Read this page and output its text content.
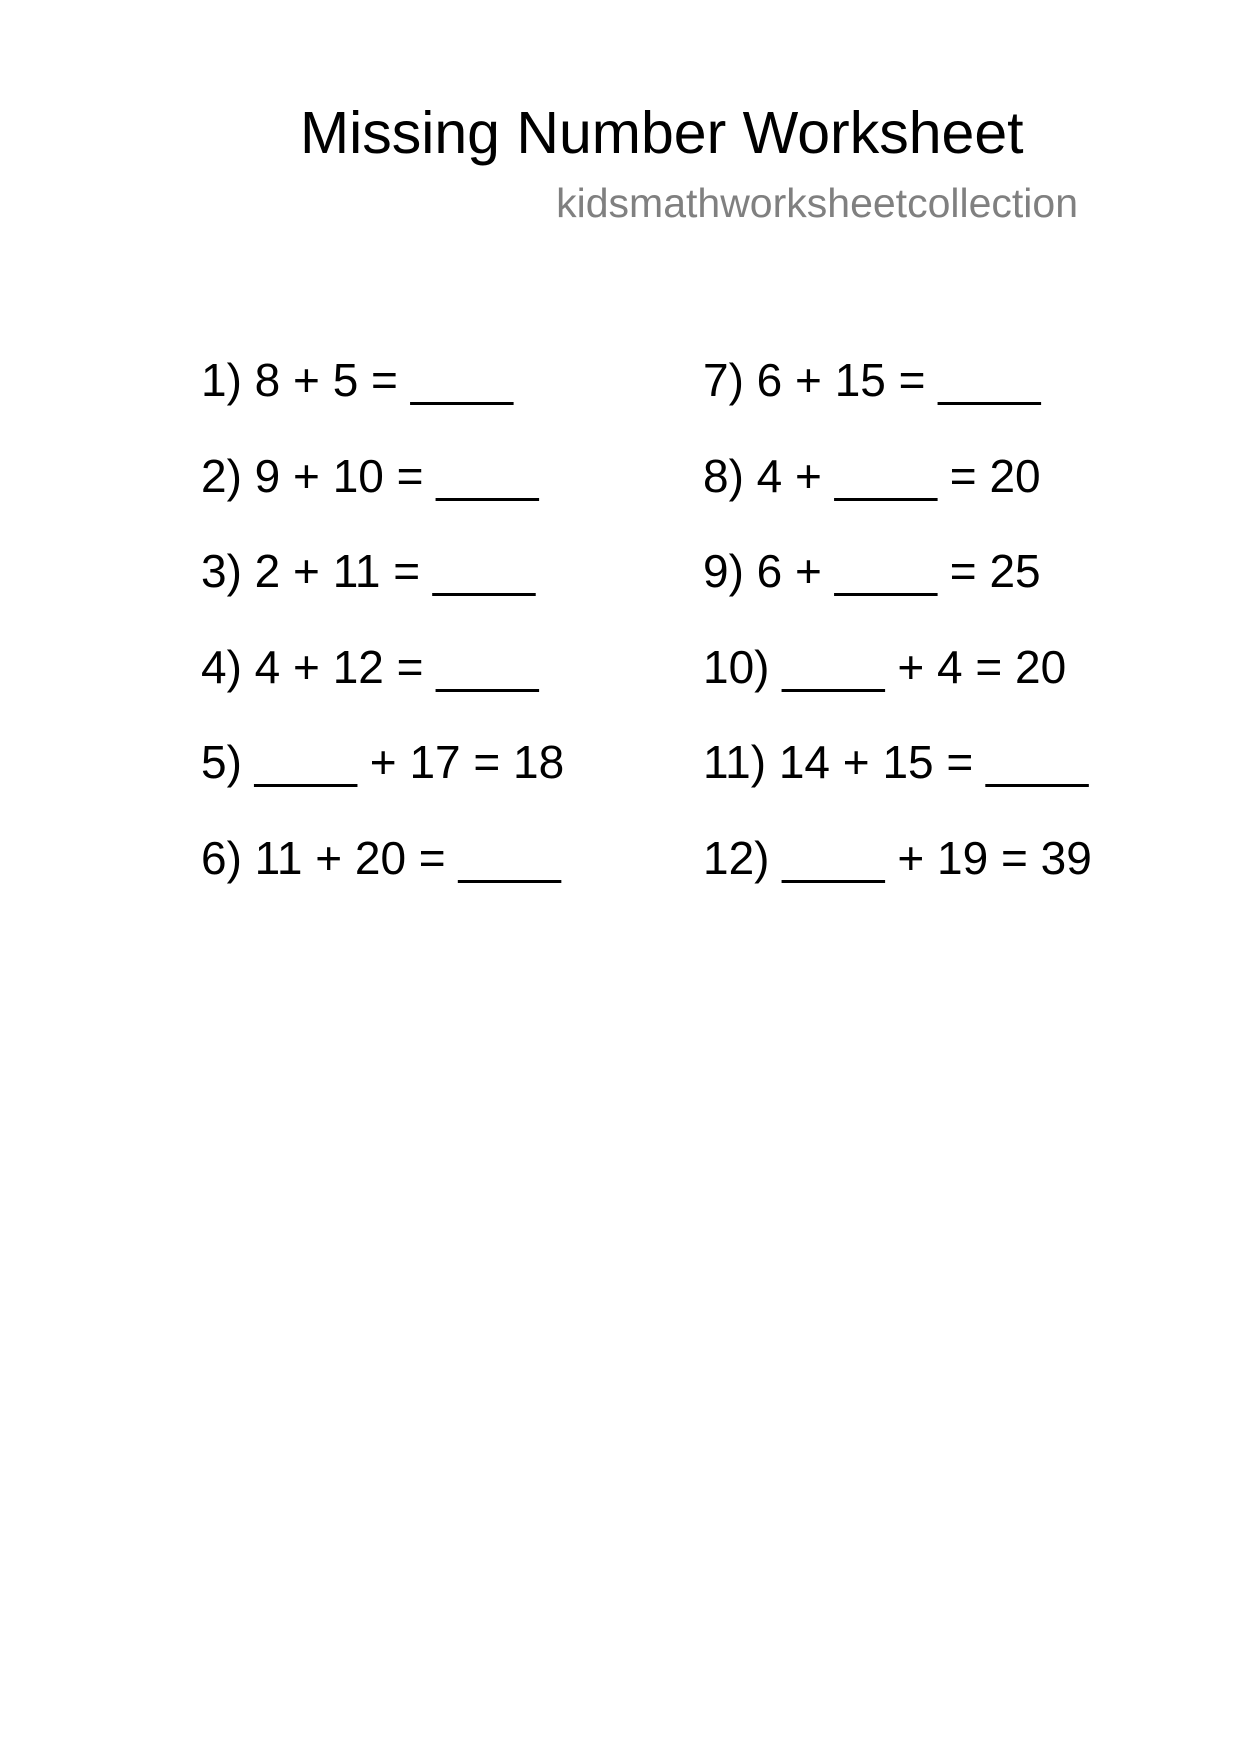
Missing Number Worksheet
kidsmathworksheetcollection
1) 8 + 5 = ____
2) 9 + 10 = ____
3) 2 + 11 = ____
4) 4 + 12 = ____
5) ____ + 17 = 18
6) 11 + 20 = ____
7) 6 + 15 = ____
8) 4 + ____ = 20
9) 6 + ____ = 25
10) ____ + 4 = 20
11) 14 + 15 = ____
12) ____ + 19 = 39
